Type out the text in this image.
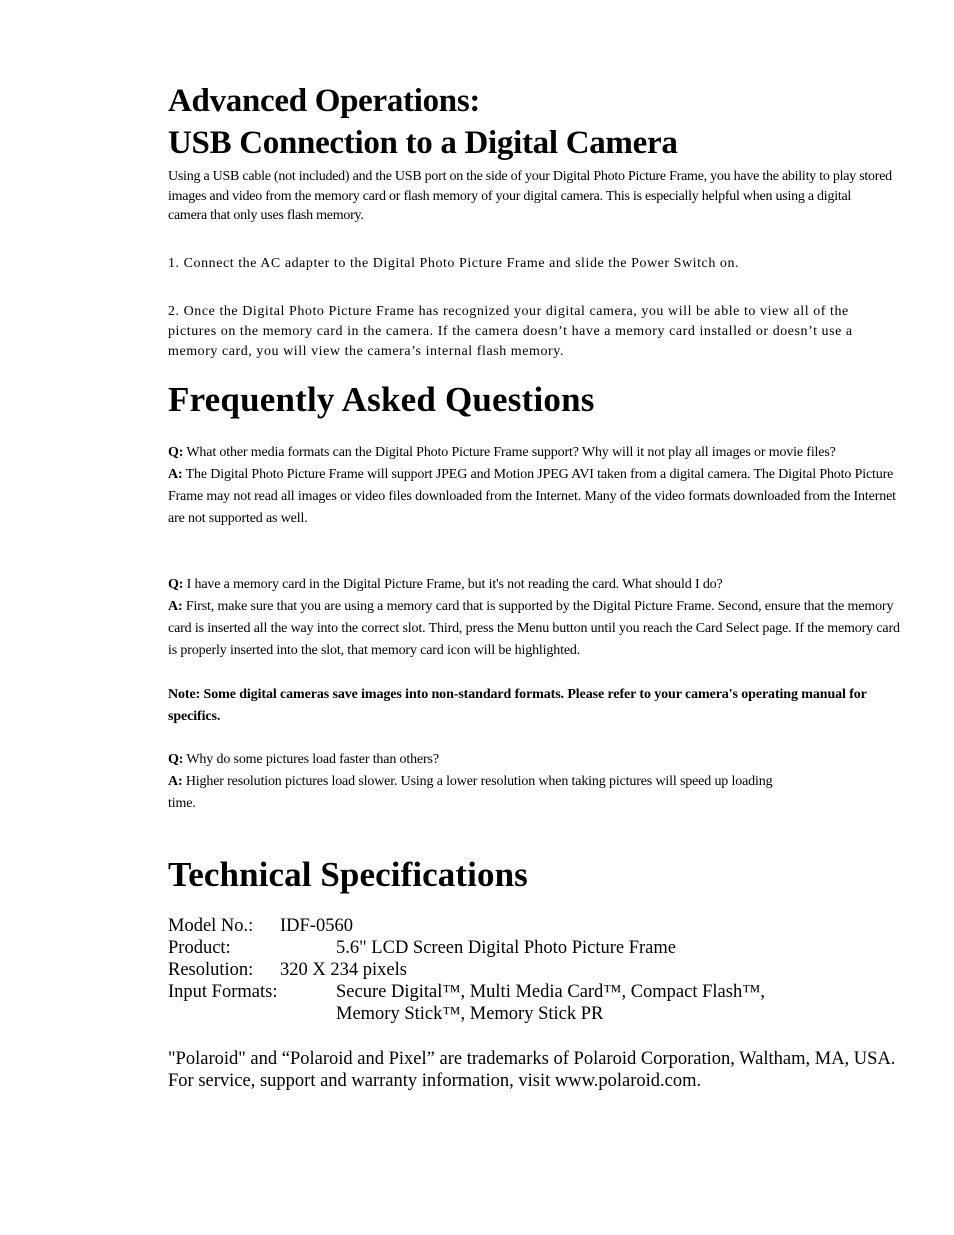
Advanced Operations:
USB Connection to a Digital Camera

Using a USB cable (not included) and the USB port on the side of your Digital Photo Picture Frame, you have the ability to play stored images and video from the memory card or flash memory of your digital camera. This is especially helpful when using a digital camera that only uses flash memory.

1. Connect the AC adapter to the Digital Photo Picture Frame and slide the Power Switch on.

2. Once the Digital Photo Picture Frame has recognized your digital camera, you will be able to view all of the pictures on the memory card in the camera. If the camera doesn’t have a memory card installed or doesn’t use a memory card, you will view the camera’s internal flash memory.

Frequently Asked Questions

Q: What other media formats can the Digital Photo Picture Frame support? Why will it not play all images or movie files?
A: The Digital Photo Picture Frame will support JPEG and Motion JPEG AVI taken from a digital camera. The Digital Photo Picture Frame may not read all images or video files downloaded from the Internet. Many of the video formats downloaded from the Internet are not supported as well.

Q: I have a memory card in the Digital Picture Frame, but it's not reading the card. What should I do?
A: First, make sure that you are using a memory card that is supported by the Digital Picture Frame. Second, ensure that the memory card is inserted all the way into the correct slot. Third, press the Menu button until you reach the Card Select page. If the memory card is properly inserted into the slot, that memory card icon will be highlighted.

Note: Some digital cameras save images into non-standard formats. Please refer to your camera's operating manual for specifics.

Q: Why do some pictures load faster than others?
A: Higher resolution pictures load slower. Using a lower resolution when taking pictures will speed up loading time.

Technical Specifications
Model No.: IDF-0560
Product:	5.6" LCD Screen Digital Photo Picture Frame
Resolution: 320 X 234 pixels
Input Formats:	Secure Digital™, Multi Media Card™, Compact Flash™,
Memory Stick™, Memory Stick PR

"Polaroid" and “Polaroid and Pixel” are trademarks of Polaroid Corporation, Waltham, MA, USA.
For service, support and warranty information, visit www.polaroid.com.
